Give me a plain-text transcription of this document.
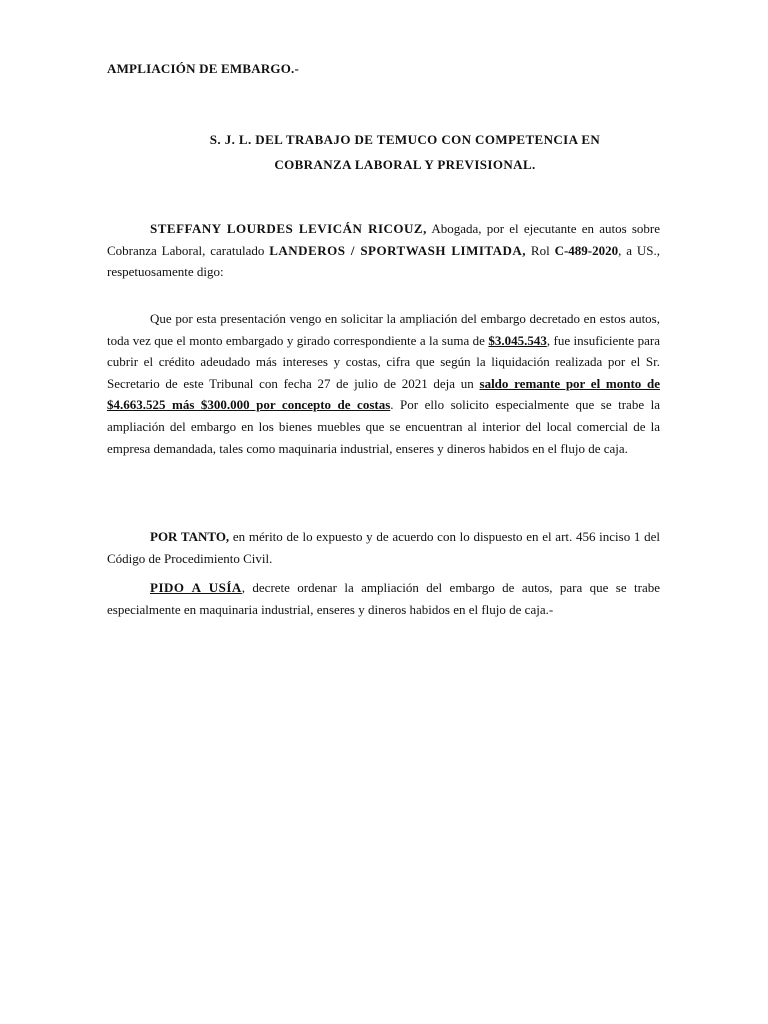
AMPLIACIÓN DE EMBARGO.-
S. J. L. DEL TRABAJO DE TEMUCO CON COMPETENCIA EN
COBRANZA LABORAL Y PREVISIONAL.
STEFFANY LOURDES LEVICÁN RICOUZ, Abogada, por el ejecutante en autos sobre Cobranza Laboral, caratulado LANDEROS / SPORTWASH LIMITADA, Rol C-489-2020, a US., respetuosamente digo:
Que por esta presentación vengo en solicitar la ampliación del embargo decretado en estos autos, toda vez que el monto embargado y girado correspondiente a la suma de $3.045.543, fue insuficiente para cubrir el crédito adeudado más intereses y costas, cifra que según la liquidación realizada por el Sr. Secretario de este Tribunal con fecha 27 de julio de 2021 deja un saldo remante por el monto de $4.663.525 más $300.000 por concepto de costas. Por ello solicito especialmente que se trabe la ampliación del embargo en los bienes muebles que se encuentran al interior del local comercial de la empresa demandada, tales como maquinaria industrial, enseres y dineros habidos en el flujo de caja.
POR TANTO, en mérito de lo expuesto y de acuerdo con lo dispuesto en el art. 456 inciso 1 del Código de Procedimiento Civil.
PIDO A USÍA, decrete ordenar la ampliación del embargo de autos, para que se trabe especialmente en maquinaria industrial, enseres y dineros habidos en el flujo de caja.-
